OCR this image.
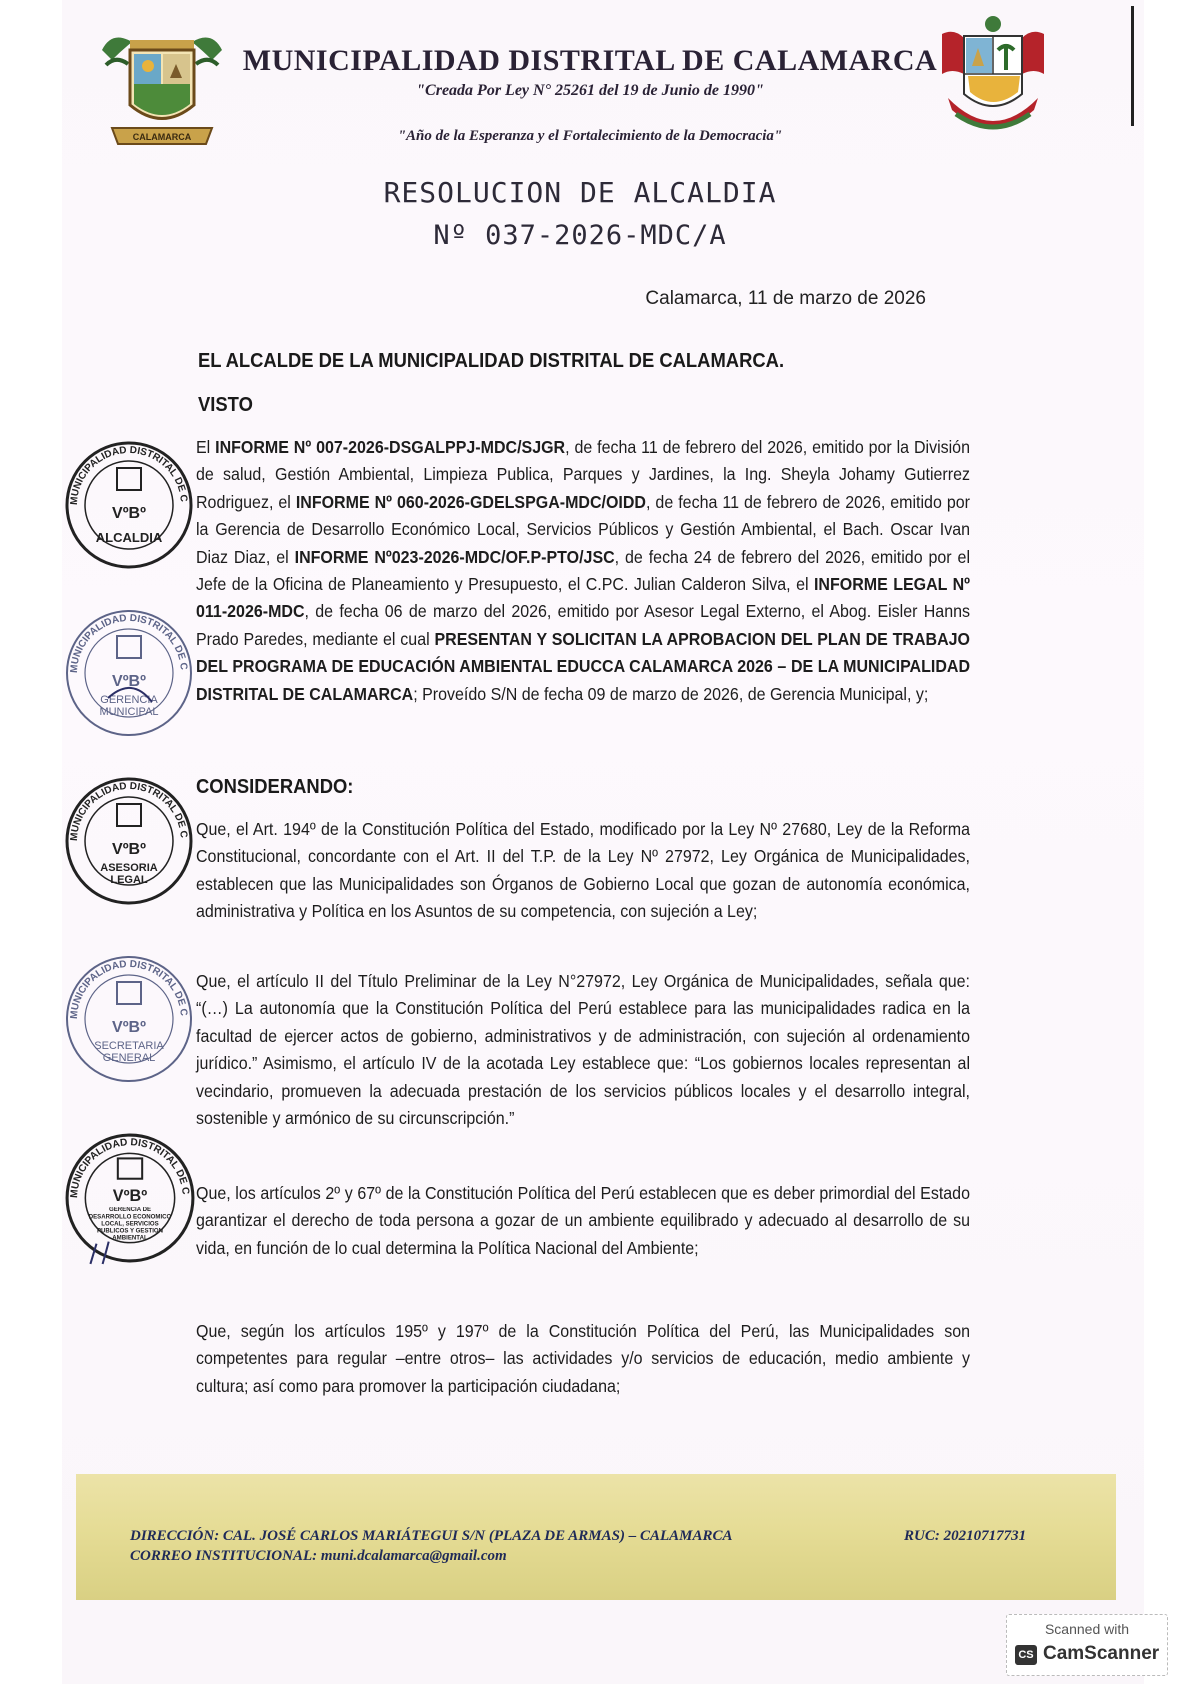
CALAMARCA
MUNICIPALIDAD DISTRITAL DE CALAMARCA
"Creada Por Ley N° 25261 del 19 de Junio de 1990"
"Año de la Esperanza y el Fortalecimiento de la Democracia"
RESOLUCION DE ALCALDIA
Nº 037-2026-MDC/A
Calamarca, 11 de marzo de 2026
EL ALCALDE DE LA MUNICIPALIDAD DISTRITAL DE CALAMARCA.
VISTO
El INFORME Nº 007-2026-DSGALPPJ-MDC/SJGR, de fecha 11 de febrero del 2026, emitido por la División de salud, Gestión Ambiental, Limpieza Publica, Parques y Jardines, la Ing. Sheyla Johamy Gutierrez Rodriguez, el INFORME Nº 060-2026-GDELSPGA-MDC/OIDD, de fecha 11 de febrero de 2026, emitido por la Gerencia de Desarrollo Económico Local, Servicios Públicos y Gestión Ambiental, el Bach. Oscar Ivan Diaz Diaz, el INFORME Nº023-2026-MDC/OF.P-PTO/JSC, de fecha 24 de febrero del 2026, emitido por el Jefe de la Oficina de Planeamiento y Presupuesto, el C.PC. Julian Calderon Silva, el INFORME LEGAL Nº 011-2026-MDC, de fecha 06 de marzo del 2026, emitido por Asesor Legal Externo, el Abog. Eisler Hanns Prado Paredes, mediante el cual PRESENTAN Y SOLICITAN LA APROBACION DEL PLAN DE TRABAJO DEL PROGRAMA DE EDUCACIÓN AMBIENTAL EDUCCA CALAMARCA 2026 – DE LA MUNICIPALIDAD DISTRITAL DE CALAMARCA; Proveído S/N de fecha 09 de marzo de 2026, de Gerencia Municipal, y;
CONSIDERANDO:
Que, el Art. 194º de la Constitución Política del Estado, modificado por la Ley Nº 27680, Ley de la Reforma Constitucional, concordante con el Art. II del T.P. de la Ley Nº 27972, Ley Orgánica de Municipalidades, establecen que las Municipalidades son Órganos de Gobierno Local que gozan de autonomía económica, administrativa y Política en los Asuntos de su competencia, con sujeción a Ley;
Que, el artículo II del Título Preliminar de la Ley N°27972, Ley Orgánica de Municipalidades, señala que: “(…) La autonomía que la Constitución Política del Perú establece para las municipalidades radica en la facultad de ejercer actos de gobierno, administrativos y de administración, con sujeción al ordenamiento jurídico.” Asimismo, el artículo IV de la acotada Ley establece que: “Los gobiernos locales representan al vecindario, promueven la adecuada prestación de los servicios públicos locales y el desarrollo integral, sostenible y armónico de su circunscripción.”
Que, los artículos 2º y 67º de la Constitución Política del Perú establecen que es deber primordial del Estado garantizar el derecho de toda persona a gozar de un ambiente equilibrado y adecuado al desarrollo de su vida, en función de lo cual determina la Política Nacional del Ambiente;
Que, según los artículos 195º y 197º de la Constitución Política del Perú, las Municipalidades son competentes para regular –entre otros– las actividades y/o servicios de educación, medio ambiente y cultura; así como para promover la participación ciudadana;
MUNICIPALIDAD DISTRITAL DE C
VºBº
ALCALDIA
MUNICIPALIDAD DISTRITAL DE C
VºBº
GERENCIA MUNICIPAL
MUNICIPALIDAD DISTRITAL DE C
VºBº
ASESORIA LEGAL
MUNICIPALIDAD DISTRITAL DE C
VºBº
SECRETARIA GENERAL
MUNICIPALIDAD DISTRITAL DE C
VºBº
GERENCIA DE DESARROLLO ECONOMICO LOCAL, SERVICIOS PUBLICOS Y GESTION AMBIENTAL
DIRECCIÓN: CAL. JOSÉ CARLOS MARIÁTEGUI S/N (PLAZA DE ARMAS) – CALAMARCA
CORREO INSTITUCIONAL: muni.dcalamarca@gmail.com
RUC: 20210717731
Scanned with
CS CamScanner
